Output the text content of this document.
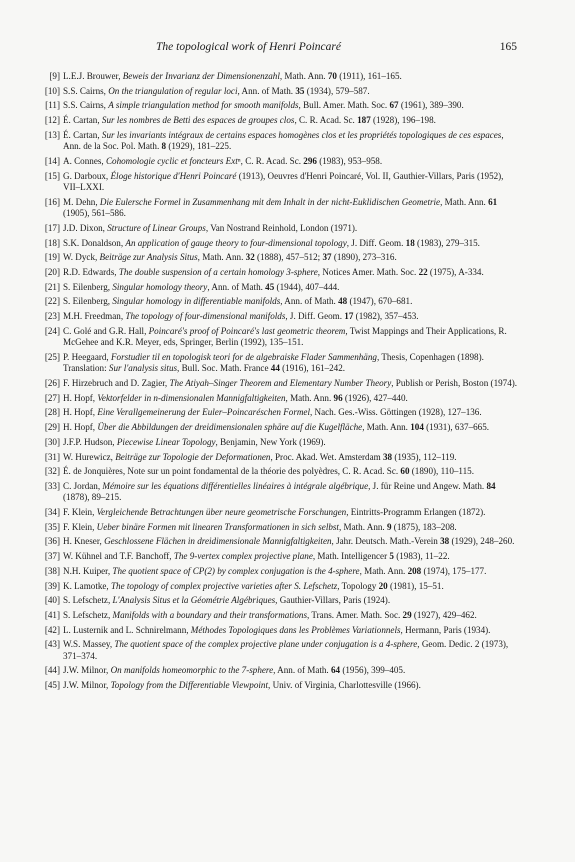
The topological work of Henri Poincaré	165
[9] L.E.J. Brouwer, Beweis der Invarianz der Dimensionenzahl, Math. Ann. 70 (1911), 161–165.
[10] S.S. Cairns, On the triangulation of regular loci, Ann. of Math. 35 (1934), 579–587.
[11] S.S. Cairns, A simple triangulation method for smooth manifolds, Bull. Amer. Math. Soc. 67 (1961), 389–390.
[12] É. Cartan, Sur les nombres de Betti des espaces de groupes clos, C. R. Acad. Sc. 187 (1928), 196–198.
[13] É. Cartan, Sur les invariants intégraux de certains espaces homogènes clos et les propriétés topologiques de ces espaces, Ann. de la Soc. Pol. Math. 8 (1929), 181–225.
[14] A. Connes, Cohomologie cyclic et foncteurs Extⁿ, C. R. Acad. Sc. 296 (1983), 953–958.
[15] G. Darboux, Éloge historique d'Henri Poincaré (1913), Oeuvres d'Henri Poincaré, Vol. II, Gauthier-Villars, Paris (1952), VII–LXXI.
[16] M. Dehn, Die Eulersche Formel in Zusammenhang mit dem Inhalt in der nicht-Euklidischen Geometrie, Math. Ann. 61 (1905), 561–586.
[17] J.D. Dixon, Structure of Linear Groups, Van Nostrand Reinhold, London (1971).
[18] S.K. Donaldson, An application of gauge theory to four-dimensional topology, J. Diff. Geom. 18 (1983), 279–315.
[19] W. Dyck, Beiträge zur Analysis Situs, Math. Ann. 32 (1888), 457–512; 37 (1890), 273–316.
[20] R.D. Edwards, The double suspension of a certain homology 3-sphere, Notices Amer. Math. Soc. 22 (1975), A-334.
[21] S. Eilenberg, Singular homology theory, Ann. of Math. 45 (1944), 407–444.
[22] S. Eilenberg, Singular homology in differentiable manifolds, Ann. of Math. 48 (1947), 670–681.
[23] M.H. Freedman, The topology of four-dimensional manifolds, J. Diff. Geom. 17 (1982), 357–453.
[24] C. Golé and G.R. Hall, Poincaré's proof of Poincaré's last geometric theorem, Twist Mappings and Their Applications, R. McGehee and K.R. Meyer, eds, Springer, Berlin (1992), 135–151.
[25] P. Heegaard, Forstudier til en topologisk teori for de algebraiske Flader Sammenhäng, Thesis, Copenhagen (1898). Translation: Sur l'analysis situs, Bull. Soc. Math. France 44 (1916), 161–242.
[26] F. Hirzebruch and D. Zagier, The Atiyah–Singer Theorem and Elementary Number Theory, Publish or Perish, Boston (1974).
[27] H. Hopf, Vektorfelder in n-dimensionalen Mannigfaltigkeiten, Math. Ann. 96 (1926), 427–440.
[28] H. Hopf, Eine Verallgemeinerung der Euler–Poincaréschen Formel, Nach. Ges.-Wiss. Göttingen (1928), 127–136.
[29] H. Hopf, Über die Abbildungen der dreidimensionalen sphäre auf die Kugelfläche, Math. Ann. 104 (1931), 637–665.
[30] J.F.P. Hudson, Piecewise Linear Topology, Benjamin, New York (1969).
[31] W. Hurewicz, Beiträge zur Topologie der Deformationen, Proc. Akad. Wet. Amsterdam 38 (1935), 112–119.
[32] É. de Jonquières, Note sur un point fondamental de la théorie des polyèdres, C. R. Acad. Sc. 60 (1890), 110–115.
[33] C. Jordan, Mémoire sur les équations différentielles linéaires à intégrale algébrique, J. für Reine und Angew. Math. 84 (1878), 89–215.
[34] F. Klein, Vergleichende Betrachtungen über neure geometrische Forschungen, Eintritts-Programm Erlangen (1872).
[35] F. Klein, Ueber binäre Formen mit linearen Transformationen in sich selbst, Math. Ann. 9 (1875), 183–208.
[36] H. Kneser, Geschlossene Flächen in dreidimensionale Mannigfaltigkeiten, Jahr. Deutsch. Math.-Verein 38 (1929), 248–260.
[37] W. Kühnel and T.F. Banchoff, The 9-vertex complex projective plane, Math. Intelligencer 5 (1983), 11–22.
[38] N.H. Kuiper, The quotient space of CP(2) by complex conjugation is the 4-sphere, Math. Ann. 208 (1974), 175–177.
[39] K. Lamotke, The topology of complex projective varieties after S. Lefschetz, Topology 20 (1981), 15–51.
[40] S. Lefschetz, L'Analysis Situs et la Géométrie Algébriques, Gauthier-Villars, Paris (1924).
[41] S. Lefschetz, Manifolds with a boundary and their transformations, Trans. Amer. Math. Soc. 29 (1927), 429–462.
[42] L. Lusternik and L. Schnirelmann, Méthodes Topologiques dans les Problèmes Variationnels, Hermann, Paris (1934).
[43] W.S. Massey, The quotient space of the complex projective plane under conjugation is a 4-sphere, Geom. Dedic. 2 (1973), 371–374.
[44] J.W. Milnor, On manifolds homeomorphic to the 7-sphere, Ann. of Math. 64 (1956), 399–405.
[45] J.W. Milnor, Topology from the Differentiable Viewpoint, Univ. of Virginia, Charlottesville (1966).
